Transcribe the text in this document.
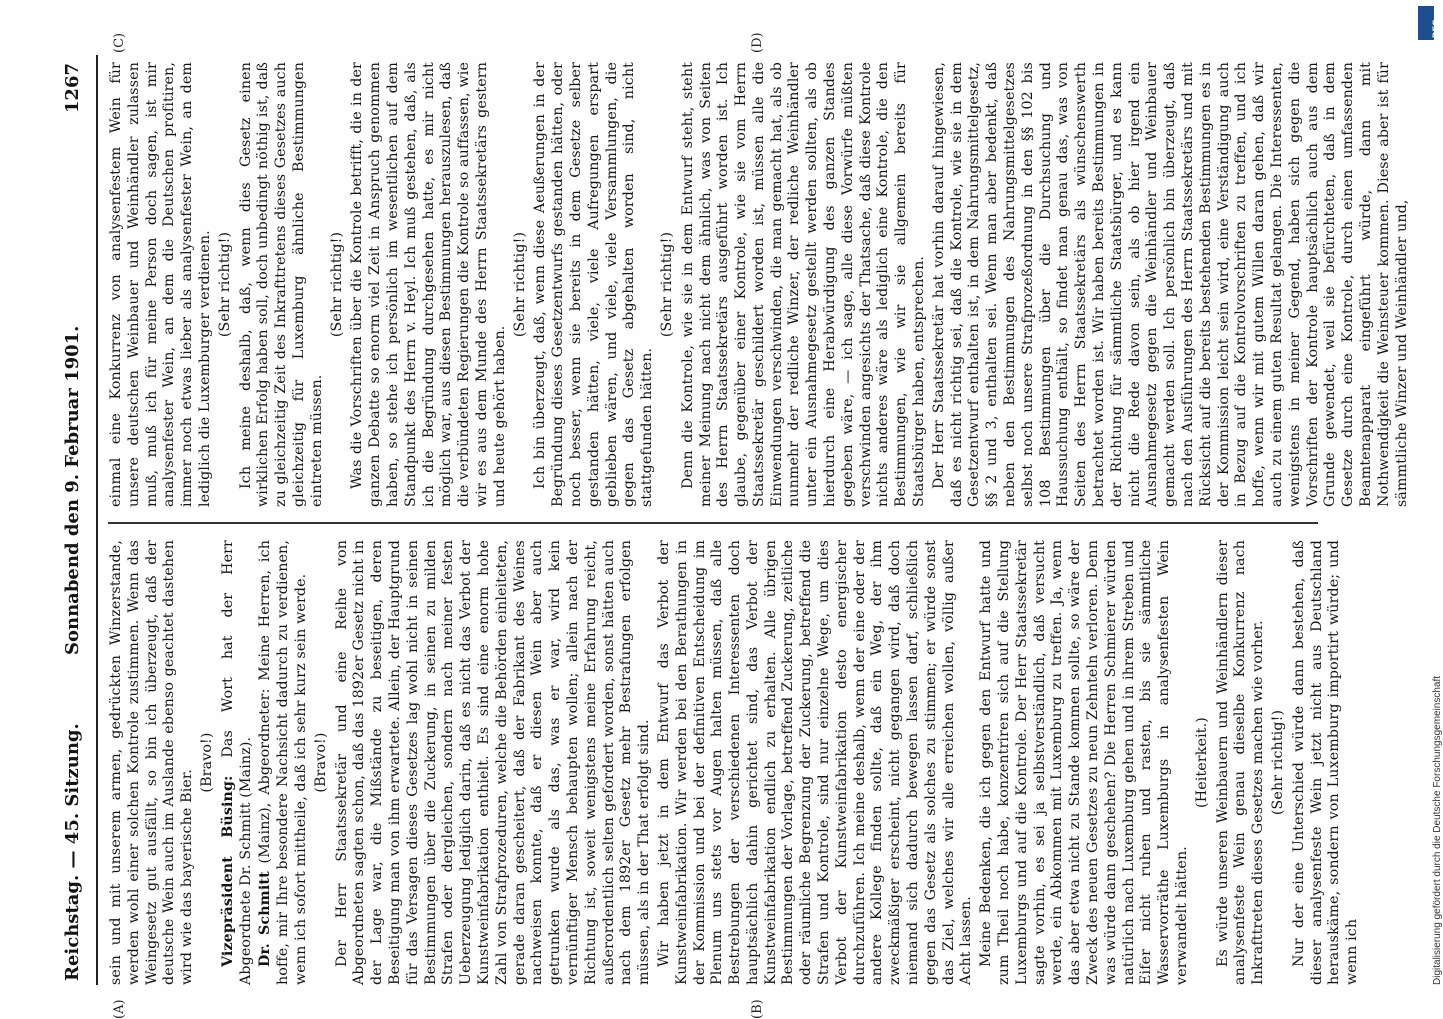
Reichstag. — 45. Sitzung.
Sonnabend den 9. Februar 1901.
1267
(A)	(B)
(C)	(D)

sein und mit unserem armen, gedrückten Winzerstande, werden wohl einer solchen Kontrole zustimmen. Wenn das Weingesetz gut ausfällt, so bin ich überzeugt, daß der deutsche Wein auch im Auslande ebenso geachtet dastehen wird wie das bayerische Bier.

(Bravo!)

Vizepräsident Büsing: Das Wort hat der Herr Abgeordnete Dr. Schmitt (Mainz). Dr. Schmitt (Mainz), Abgeordneter: Meine Herren, ich hoffe, mir Ihre besondere Nachsicht dadurch zu verdienen, wenn ich sofort mittheile, daß ich sehr kurz sein werde. (Bravo!) Der Herr Staatssekretär und eine Reihe von Abgeordneten sagten schon, daß das 1892er Gesetz nicht in der Lage war, die Mißstände zu beseitigen, deren Beseitigung man von ihm erwartete. Allein, der Hauptgrund für das Versagen dieses Gesetzes lag wohl nicht in seinen Bestimmungen über die Zuckerung, in seinen zu milden Strafen oder dergleichen, sondern nach meiner festen Ueberzeugung lediglich darin, daß es nicht das Verbot der Kunstweinfabrikation enthielt. Es sind eine enorm hohe Zahl von Strafprozeduren, welche die Behörden einleiteten, gerade daran gescheitert, daß der Fabrikant des Weines nachweisen konnte, daß er diesen Wein aber auch getrunken wurde als das, was er war, wird kein vernünftiger Mensch behaupten wollen; allein nach der Richtung ist, soweit wenigstens meine Erfahrung reicht, außerordentlich selten gefordert worden, sonst hätten auch nach dem 1892er Gesetz mehr Bestrafungen erfolgen müssen, als in der That erfolgt sind. Wir haben jetzt in dem Entwurf das Verbot der Kunstweinfabrikation. Wir werden bei den Berathungen in der Kommission und bei der definitiven Entscheidung im Plenum uns stets vor Augen halten müssen, daß alle Bestrebungen der verschiedenen Interessenten doch hauptsächlich dahin gerichtet sind, das Verbot der Kunstweinfabrikation endlich zu erhalten. Alle übrigen Bestimmungen der Vorlage, betreffend Zuckerung, zeitliche oder räumliche Begrenzung der Zuckerung, betreffend die Strafen und Kontrole, sind nur einzelne Wege, um dies Verbot der Kunstweinfabrikation desto energischer durchzuführen. Ich meine deshalb, wenn der eine oder der andere Kollege finden sollte, daß ein Weg, der ihm zweckmäßiger erscheint, nicht gegangen wird, daß doch niemand sich dadurch bewegen lassen darf, schließlich gegen das Gesetz als solches zu stimmen; er würde sonst das Ziel, welches wir alle erreichen wollen, völlig außer Acht lassen. Meine Bedenken, die ich gegen den Entwurf hatte und zum Theil noch habe, konzentriren sich auf die Stellung Luxemburgs und auf die Kontrole. Der Herr Staatssekretär sagte vorhin, es sei ja selbstverständlich, daß versucht werde, ein Abkommen mit Luxemburg zu treffen. Ja, wenn das aber etwa nicht zu Stande kommen sollte, so wäre der Zweck des neuen Gesetzes zu neun Zehnteln verloren. Denn was würde dann geschehen? Die Herren Schmierer würden natürlich nach Luxemburg gehen und in ihrem Streben und Eifer nicht ruhen und rasten, bis sie sämmtliche Wasservorräthe Luxemburgs in analysenfesten Wein verwandelt hätten.

(Heiterkeit.) Es würde unseren Weinbauern und Weinhändlern dieser analysenfeste Wein genau dieselbe Konkurrenz nach Inkrafttreten dieses Gesetzes machen wie vorher. (Sehr richtig!) Nur der eine Unterschied würde dann bestehen, daß dieser analysenfeste Wein jetzt nicht aus Deutschland herauskäme, sondern von Luxemburg importirt würde; und wenn ich

einmal eine Konkurrenz von analysenfestem Wein für unsere deutschen Weinbauer und Weinhändler zulassen muß, muß ich für meine Person doch sagen, ist mir analysenfester Wein, an dem die Deutschen profitiren, immer noch etwas lieber als analysenfester Wein, an dem lediglich die Luxemburger verdienen. (Sehr richtig!) Ich meine deshalb, daß, wenn dies Gesetz einen wirklichen Erfolg haben soll, doch unbedingt nöthig ist, daß zu gleichzeitig Zeit des Inkrafttretens dieses Gesetzes auch gleichzeitig für Luxemburg ähnliche Bestimmungen eintreten müssen.

(Sehr richtig!) Was die Vorschriften über die Kontrole betrifft, die in der ganzen Debatte so enorm viel Zeit in Anspruch genommen haben, so stehe ich persönlich im wesentlichen auf dem Standpunkt des Herrn v. Heyl. Ich muß gestehen, daß, als ich die Begründung durchgesehen hatte, es mir nicht möglich war, aus diesen Bestimmungen herauszulesen, daß die verbündeten Regierungen die Kontrole so auffassen, wie wir es aus dem Munde des Herrn Staatssekretärs gestern und heute gehört haben.

(Sehr richtig!) Ich bin überzeugt, daß, wenn diese Aeußerungen in der Begründung dieses Gesetzentwurfs gestanden hätten, oder noch besser, wenn sie bereits in dem Gesetze selber gestanden hätten, viele, viele Aufregungen erspart geblieben wären, und viele, viele Versammlungen, die gegen das Gesetz abgehalten worden sind, nicht stattgefunden hätten.

(Sehr richtig!) Denn die Kontrole, wie sie in dem Entwurf steht, steht meiner Meinung nach nicht dem ähnlich, was von Seiten des Herrn Staatssekretärs ausgeführt worden ist. Ich glaube, gegenüber einer Kontrole, wie sie vom Herrn Staatssekretär geschildert worden ist, müssen alle die Einwendungen verschwinden, die man gemacht hat, als ob nunmehr der redliche Winzer, der redliche Weinhändler unter ein Ausnahmegesetz gestellt werden sollten, als ob hierdurch eine Herabwürdigung des ganzen Standes gegeben wäre, — ich sage, alle diese Vorwürfe müßten verschwinden angesichts der Thatsache, daß diese Kontrole nichts anderes wäre als lediglich eine Kontrole, die den Bestimmungen, wie wir sie allgemein bereits für Staatsbürger haben, entsprechen. Der Herr Staatssekretär hat vorhin darauf hingewiesen, daß es nicht richtig sei, daß die Kontrole, wie sie in dem Gesetzentwurf enthalten ist, in dem Nahrungsmittelgesetz, §§ 2 und 3, enthalten sei. Wenn man aber bedenkt, daß neben den Bestimmungen des Nahrungsmittelgesetzes selbst noch unsere Strafprozeßordnung in den §§ 102 bis 108 Bestimmungen über die Durchsuchung und Haussuchung enthält, so findet man genau das, was von Seiten des Herrn Staatssekretärs als wünschenswerth betrachtet worden ist. Wir haben bereits Bestimmungen in der Richtung für sämmtliche Staatsbürger, und es kann nicht die Rede davon sein, als ob hier irgend ein Ausnahmegesetz gegen die Weinhändler und Weinbauer gemacht werden soll. Ich persönlich bin überzeugt, daß nach den Ausführungen des Herrn Staatssekretärs und mit Rücksicht auf die bereits bestehenden Bestimmungen es in der Kommission leicht sein wird, eine Verständigung auch in Bezug auf die Kontrolvorschriften zu treffen, und ich hoffe, wenn wir mit gutem Willen daran gehen, daß wir auch zu einem guten Resultat gelangen. Die Interessenten, wenigstens in meiner Gegend, haben sich gegen die Vorschriften der Kontrole hauptsächlich auch aus dem Grunde gewendet, weil sie befürchteten, daß in dem Gesetze durch eine Kontrole, durch einen umfassenden Beamtenapparat eingeführt würde, dann mit Nothwendigkeit die Weinsteuer kommen. Diese aber ist für sämmtliche Winzer und Weinhändler und,

DFG
Digitalisierung gefördert durch die Deutsche Forschungsgemeinschaft
